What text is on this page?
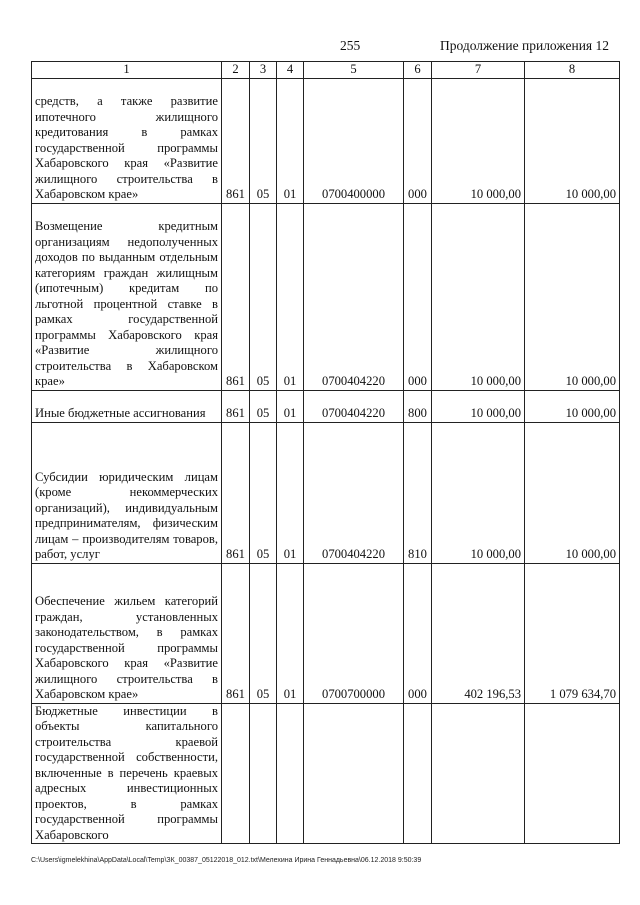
255	Продолжение приложения 12
1	2	3	4	5	6	7	8
средств, а также развитие ипотечного жилищного кредитования в рамках государственной программы Хабаровского края «Развитие жилищного строительства в Хабаровском крае»	861	05	01	0700400000	000	10 000,00	10 000,00
Возмещение кредитным организациям недополученных доходов по выданным отдельным категориям граждан жилищным (ипотечным) кредитам по льготной процентной ставке в рамках государственной программы Хабаровского края «Развитие жилищного строительства в Хабаровском крае»	861	05	01	0700404220	000	10 000,00	10 000,00
Иные бюджетные ассигнования	861	05	01	0700404220	800	10 000,00	10 000,00
Субсидии юридическим лицам (кроме некоммерческих организаций), индивидуальным предпринимателям, физическим лицам – производителям товаров, работ, услуг	861	05	01	0700404220	810	10 000,00	10 000,00
Обеспечение жильем категорий граждан, установленных законодательством, в рамках государственной программы Хабаровского края «Развитие жилищного строительства в Хабаровском крае»	861	05	01	0700700000	000	402 196,53	1 079 634,70
Бюджетные инвестиции в объекты капитального строительства краевой государственной собственности, включенные в перечень краевых адресных инвестиционных проектов, в рамках государственной программы Хабаровского							
C:\Users\igmelekhina\AppData\Local\Temp\ЗК_00387_05122018_012.txt\Мелехина Ирина Геннадьевна\06.12.2018 9:50:39
